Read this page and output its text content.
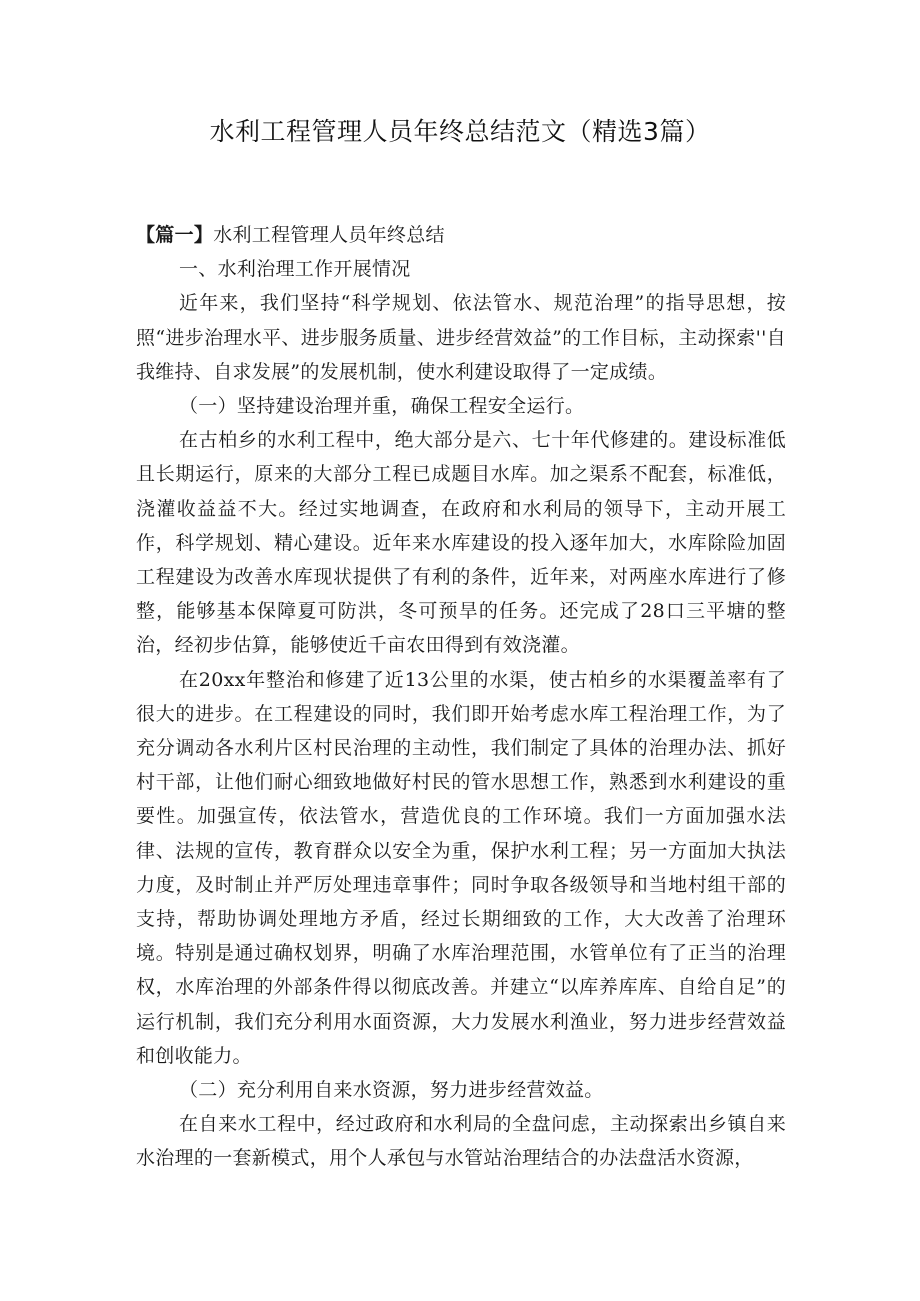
水利工程管理人员年终总结范文（精选3篇）

【篇一】水利工程管理人员年终总结

一、水利治理工作开展情况

近年来，我们坚持“科学规划、依法管水、规范治理”的指导思想，按照“进步治理水平、进步服务质量、进步经营效益”的工作目标，主动探索''自我维持、自求发展”的发展机制，使水利建设取得了一定成绩。

（一）坚持建设治理并重，确保工程安全运行。

在古柏乡的水利工程中，绝大部分是六、七十年代修建的。建设标准低且长期运行，原来的大部分工程已成题目水库。加之渠系不配套，标准低，浇灌收益益不大。经过实地调查，在政府和水利局的领导下，主动开展工作，科学规划、精心建设。近年来水库建设的投入逐年加大，水库除险加固工程建设为改善水库现状提供了有利的条件，近年来，对两座水库进行了修整，能够基本保障夏可防洪，冬可预旱的任务。还完成了28口三平塘的整治，经初步估算，能够使近千亩农田得到有效浇灌。

在20xx年整治和修建了近13公里的水渠，使古柏乡的水渠覆盖率有了很大的进步。在工程建设的同时，我们即开始考虑水库工程治理工作，为了充分调动各水利片区村民治理的主动性，我们制定了具体的治理办法、抓好村干部，让他们耐心细致地做好村民的管水思想工作，熟悉到水利建设的重要性。加强宣传，依法管水，营造优良的工作环境。我们一方面加强水法律、法规的宣传，教育群众以安全为重，保护水利工程；另一方面加大执法力度，及时制止并严厉处理违章事件；同时争取各级领导和当地村组干部的支持，帮助协调处理地方矛盾，经过长期细致的工作，大大改善了治理环境。特别是通过确权划界，明确了水库治理范围，水管单位有了正当的治理权，水库治理的外部条件得以彻底改善。并建立“以库养库库、自给自足”的运行机制，我们充分利用水面资源，大力发展水利渔业，努力进步经营效益和创收能力。

（二）充分利用自来水资源，努力进步经营效益。

在自来水工程中，经过政府和水利局的全盘问虑，主动探索出乡镇自来水治理的一套新模式，用个人承包与水管站治理结合的办法盘活水资源，
